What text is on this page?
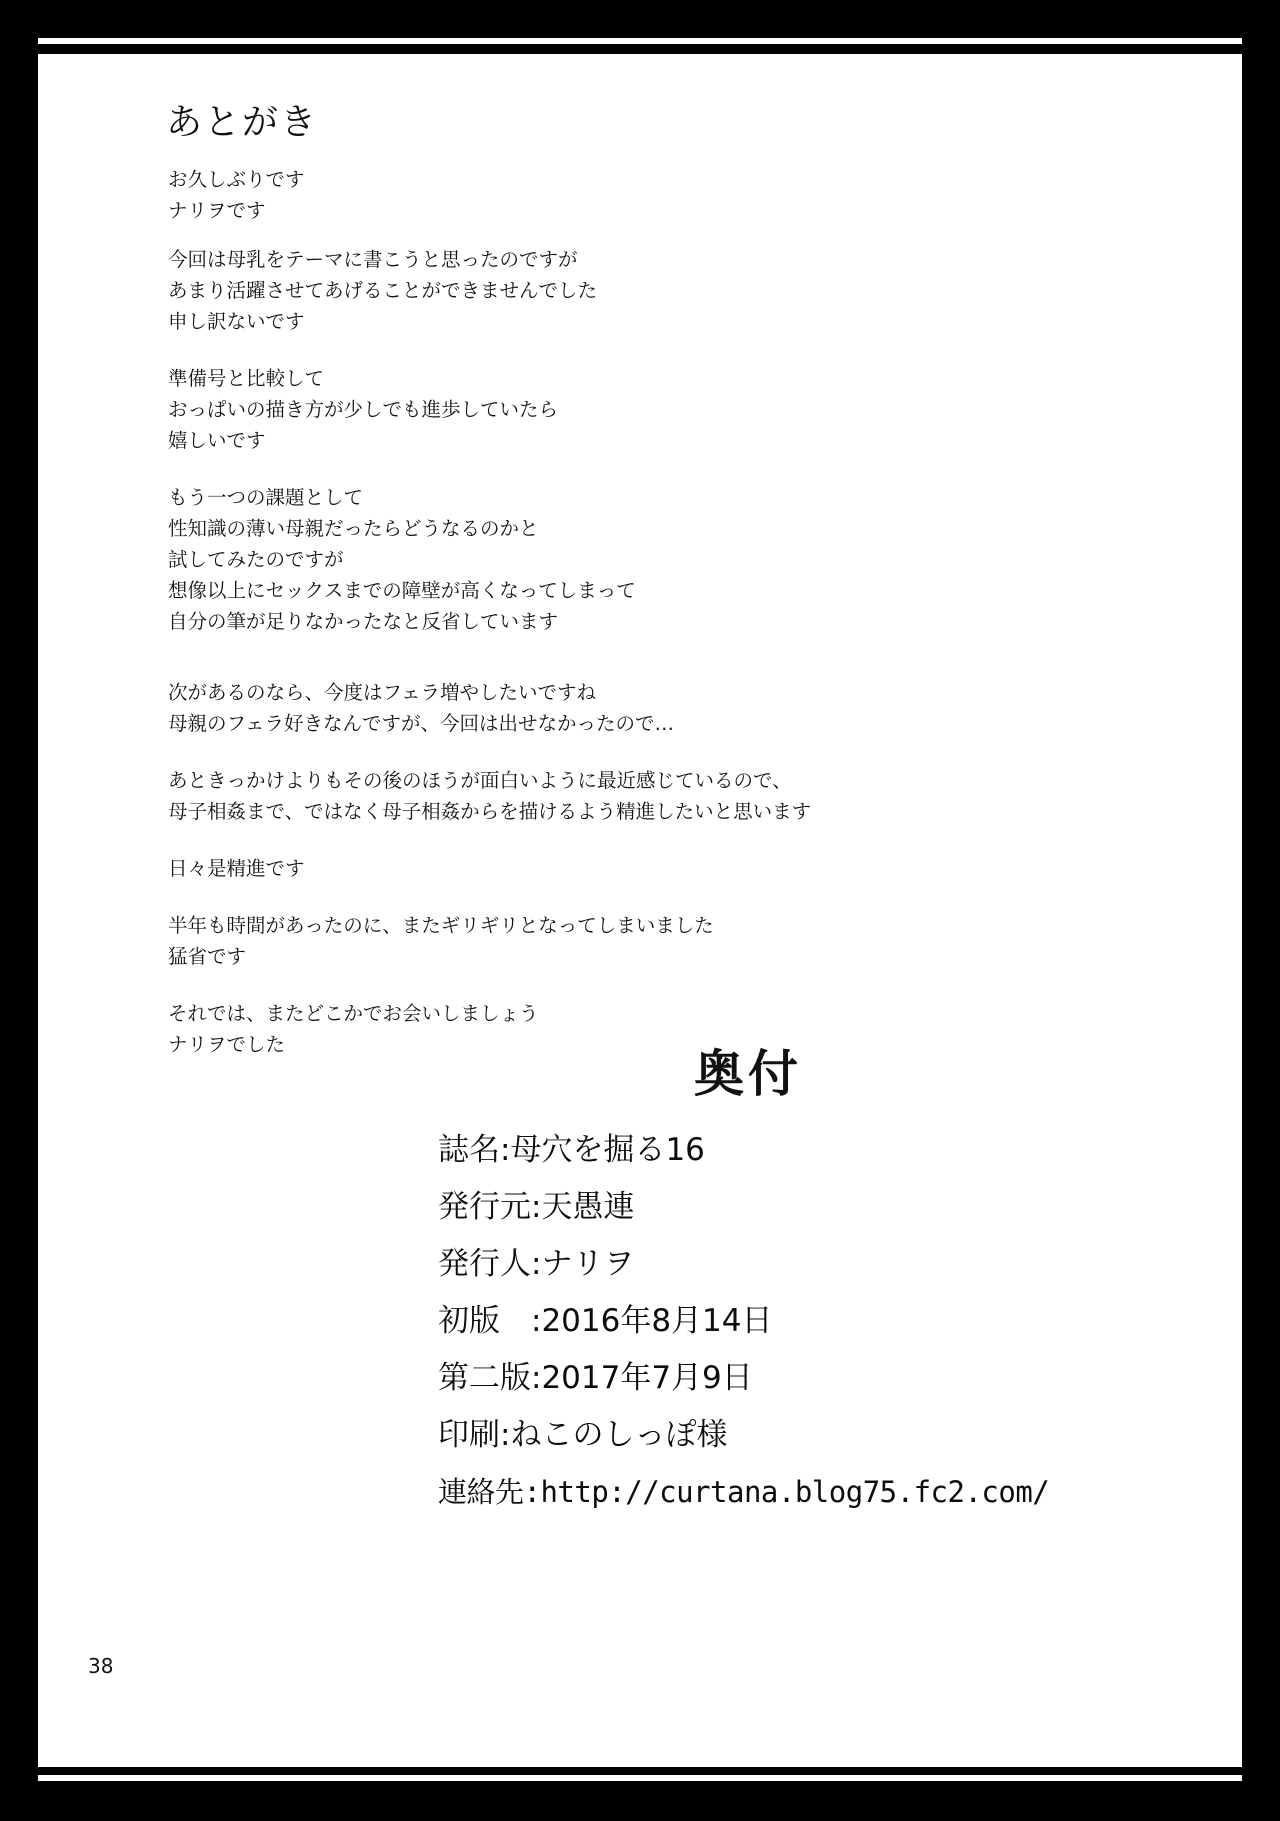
あとがき
お久しぶりです
ナリヲです
今回は母乳をテーマに書こうと思ったのですが
あまり活躍させてあげることができませんでした
申し訳ないです
準備号と比較して
おっぱいの描き方が少しでも進歩していたら
嬉しいです
もう一つの課題として
性知識の薄い母親だったらどうなるのかと
試してみたのですが
想像以上にセックスまでの障壁が高くなってしまって
自分の筆が足りなかったなと反省しています
次があるのなら、今度はフェラ増やしたいですね
母親のフェラ好きなんですが、今回は出せなかったので…
あときっかけよりもその後のほうが面白いように最近感じているので、
母子相姦まで、ではなく母子相姦からを描けるよう精進したいと思います
日々是精進です
半年も時間があったのに、またギリギリとなってしまいました
猛省です
それでは、またどこかでお会いしましょう
ナリヲでした
奥付
誌名:母穴を掘る16
発行元:天愚連
発行人:ナリヲ
初版　:2016年8月14日
第二版:2017年7月9日
印刷:ねこのしっぽ様
連絡先:http://curtana.blog75.fc2.com/
38
